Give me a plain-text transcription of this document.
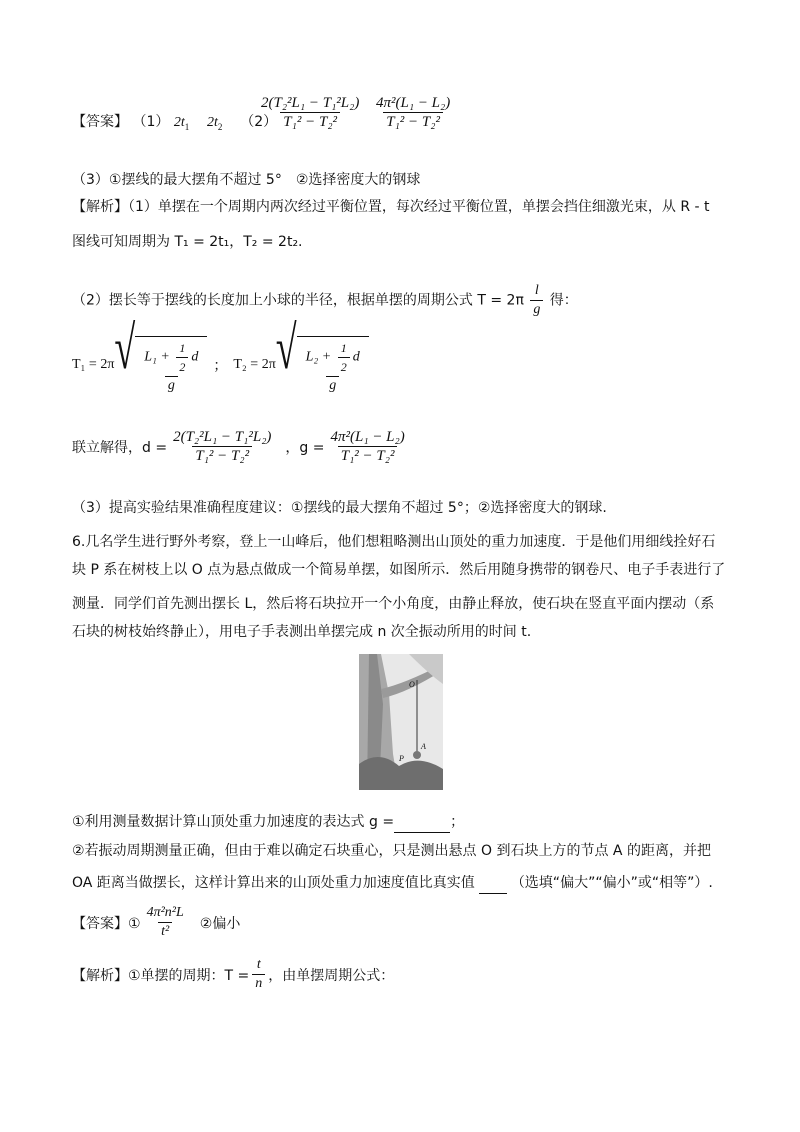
【答案】 （1） $2t_1$ $2t_2$ （2）
$\frac{\text{2(T₂²L₁ − T₁²L₂)}}{\text{T₁² − T₂²}} \frac{\text{4π²(L₁ − L₂)}}{\text{T₁² − T₂²}}$
（3）①摆线的最大摆角不超过 5°　②选择密度大的钢球
【解析】（1）单摆在一个周期内两次经过平衡位置，每次经过平衡位置，单摆会挡住细激光束，从 R - t
图线可知周期为 T₁ = 2t₁，T₂ = 2t₂.
（2）摆长等于摆线的长度加上小球的半径，根据单摆的周期公式 $T = 2\pi \frac{l}{g}$ 得：
T₁ = 2π √ $\frac{L_1 + \frac{1}{2} d}{g}$ ； T₂ = 2π √ $\frac{L_2 + \frac{1}{2} d}{g}$
联立解得，$d = \frac{\text{2(T₂²L₁ − T₁²L₂)}}{\text{T₁² − T₂²}}$ ，$g = \frac{\text{4π²(L₁ − L₂)}}{\text{T₁² − T₂²}}$
（3）提高实验结果准确程度建议：①摆线的最大摆角不超过 5°；②选择密度大的钢球.
6.几名学生进行野外考察，登上一山峰后，他们想粗略测出山顶处的重力加速度．于是他们用细线拴好石
块 P 系在树枝上以 O 点为悬点做成一个简易单摆，如图所示．然后用随身携带的钢卷尺、电子手表进行了
测量．同学们首先测出摆长 L，然后将石块拉开一个小角度，由静止释放，使石块在竖直平面内摆动（系
石块的树枝始终静止），用电子手表测出单摆完成 n 次全振动所用的时间 t.
O
A
P
①利用测量数据计算山顶处重力加速度的表达式 g =	；
②若振动周期测量正确，但由于难以确定石块重心，只是测出悬点 O 到石块上方的节点 A 的距离，并把
OA 距离当做摆长，这样计算出来的山顶处重力加速度值比真实值	（选填“偏大”“偏小”或“相等”）.
【答案】① $\frac{\text{4π²n²L}}{\text{t²}}$ ②偏小
【解析】①单摆的周期：$T = \frac{t}{n}$ ，由单摆周期公式：
